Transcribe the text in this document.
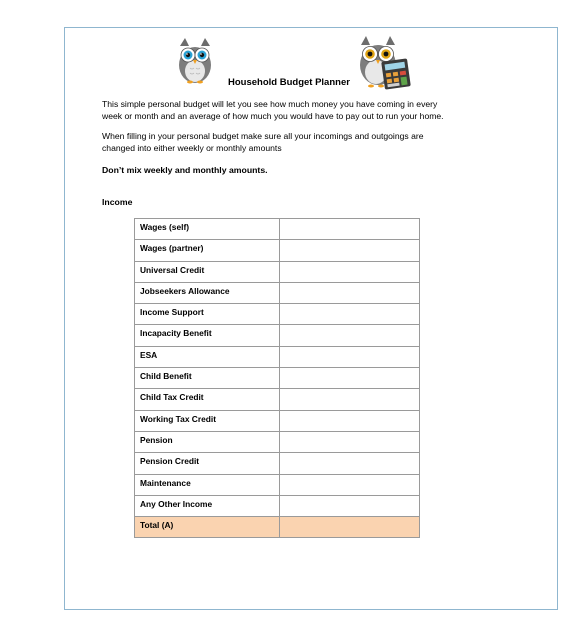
Household Budget Planner

This simple personal budget will let you see how much money you have coming in every week or month and an average of how much you would have to pay out to run your home.

When filling in your personal budget make sure all your incomings and outgoings are changed into either weekly or monthly amounts

Don’t mix weekly and monthly amounts.
Income
Wages (self)	
Wages (partner)	
Universal Credit	
Jobseekers Allowance	
Income Support	
Incapacity Benefit	
ESA	
Child Benefit	
Child Tax Credit	
Working Tax Credit	
Pension	
Pension Credit	
Maintenance	
Any Other Income	
Total (A)	
